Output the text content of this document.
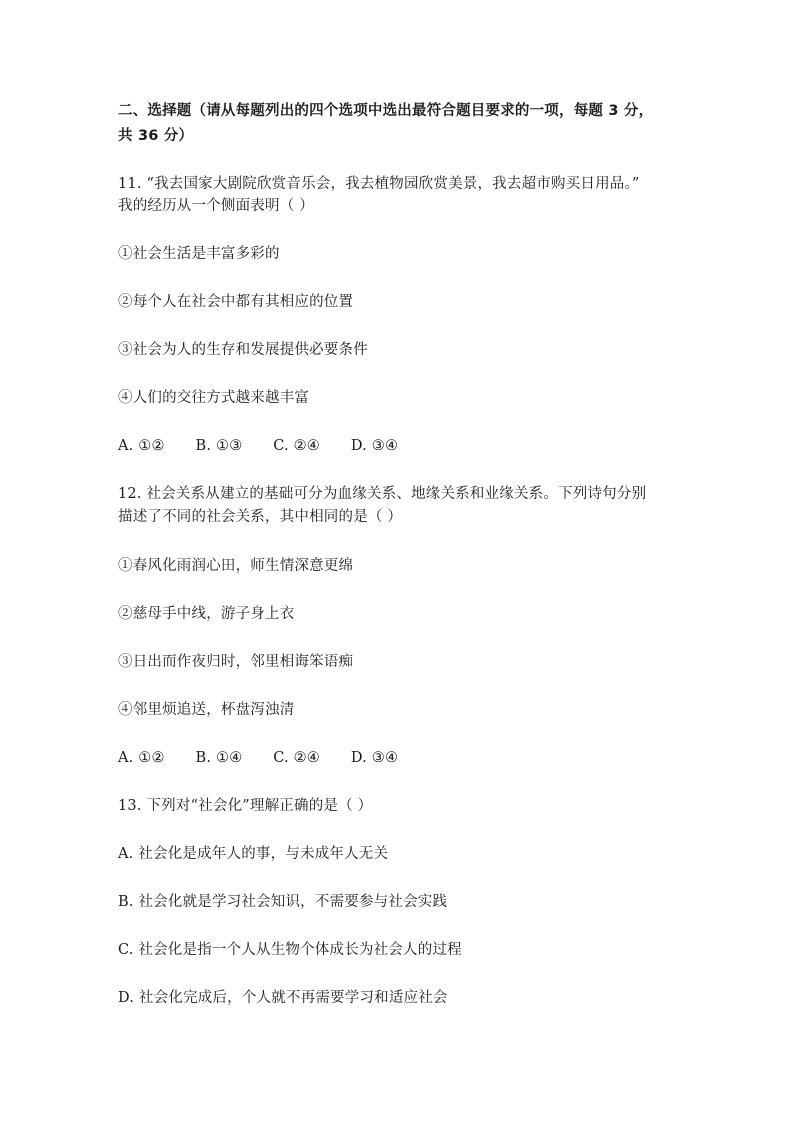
二、选择题（请从每题列出的四个选项中选出最符合题目要求的一项，每题 3 分，
共 36 分）
11. “我去国家大剧院欣赏音乐会，我去植物园欣赏美景，我去超市购买日用品。”
我的经历从一个侧面表明（ ）
①社会生活是丰富多彩的
②每个人在社会中都有其相应的位置
③社会为人的生存和发展提供必要条件
④人们的交往方式越来越丰富
A. ①② B. ①③ C. ②④ D. ③④
12. 社会关系从建立的基础可分为血缘关系、地缘关系和业缘关系。下列诗句分别
描述了不同的社会关系，其中相同的是（ ）
①春风化雨润心田，师生情深意更绵
②慈母手中线，游子身上衣
③日出而作夜归时，邻里相诲笨语痴
④邻里烦追送，杯盘泻浊清
A. ①② B. ①④ C. ②④ D. ③④
13. 下列对“社会化”理解正确的是（ ）
A. 社会化是成年人的事，与未成年人无关
B. 社会化就是学习社会知识，不需要参与社会实践
C. 社会化是指一个人从生物个体成长为社会人的过程
D. 社会化完成后，个人就不再需要学习和适应社会
